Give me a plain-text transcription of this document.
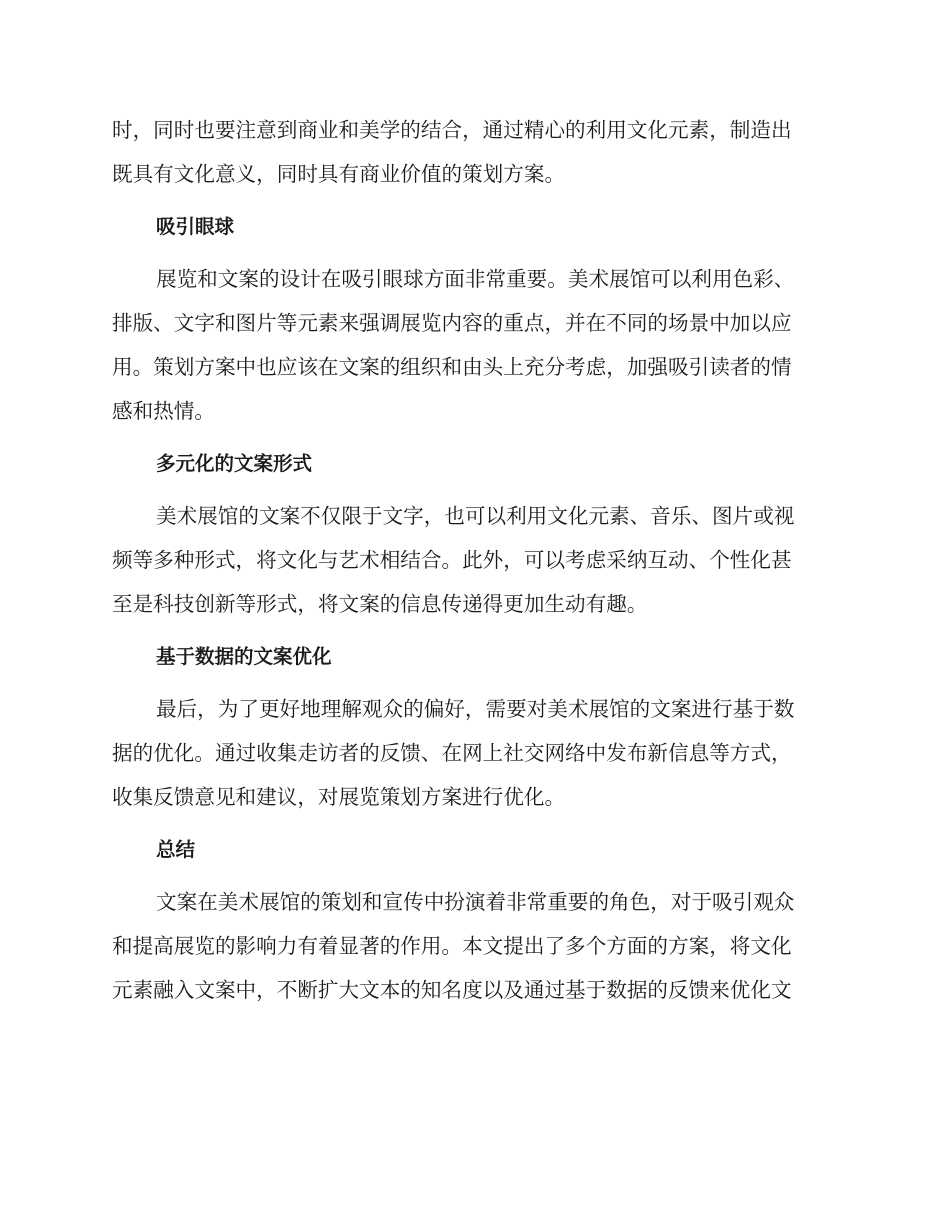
时，同时也要注意到商业和美学的结合，通过精心的利用文化元素，制造出
既具有文化意义，同时具有商业价值的策划方案。

吸引眼球

展览和文案的设计在吸引眼球方面非常重要。美术展馆可以利用色彩、
排版、文字和图片等元素来强调展览内容的重点，并在不同的场景中加以应
用。策划方案中也应该在文案的组织和由头上充分考虑，加强吸引读者的情
感和热情。

多元化的文案形式

美术展馆的文案不仅限于文字，也可以利用文化元素、音乐、图片或视
频等多种形式，将文化与艺术相结合。此外，可以考虑采纳互动、个性化甚
至是科技创新等形式，将文案的信息传递得更加生动有趣。

基于数据的文案优化

最后，为了更好地理解观众的偏好，需要对美术展馆的文案进行基于数
据的优化。通过收集走访者的反馈、在网上社交网络中发布新信息等方式，
收集反馈意见和建议，对展览策划方案进行优化。

总结

文案在美术展馆的策划和宣传中扮演着非常重要的角色，对于吸引观众
和提高展览的影响力有着显著的作用。本文提出了多个方面的方案，将文化
元素融入文案中，不断扩大文本的知名度以及通过基于数据的反馈来优化文
